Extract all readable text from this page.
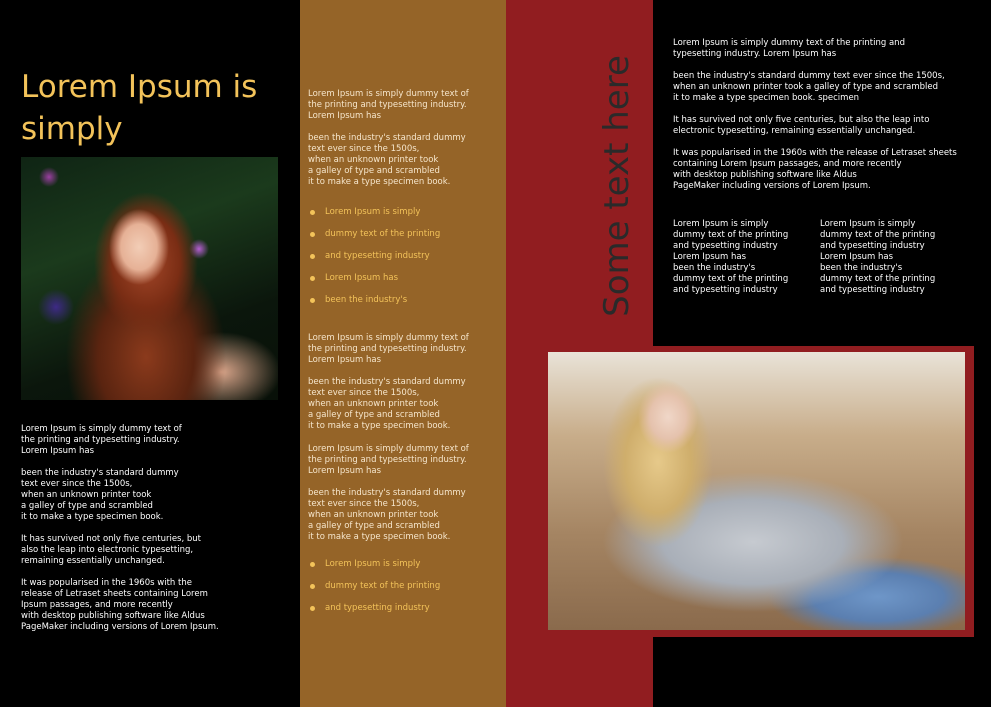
Lorem Ipsum is simply

Lorem Ipsum is simply dummy text of
the printing and typesetting industry.
Lorem Ipsum has

been the industry's standard dummy
text ever since the 1500s,
when an unknown printer took
a galley of type and scrambled
it to make a type specimen book.

It has survived not only five centuries, but
also the leap into electronic typesetting,
remaining essentially unchanged.

It was popularised in the 1960s with the
release of Letraset sheets containing Lorem
Ipsum passages, and more recently
with desktop publishing software like Aldus
PageMaker including versions of Lorem Ipsum.

Lorem Ipsum is simply dummy text of
the printing and typesetting industry.
Lorem Ipsum has

been the industry's standard dummy
text ever since the 1500s,
when an unknown printer took
a galley of type and scrambled
it to make a type specimen book.

Lorem Ipsum is simply
dummy text of the printing
and typesetting industry
Lorem Ipsum has
been the industry's

Lorem Ipsum is simply dummy text of
the printing and typesetting industry.
Lorem Ipsum has

been the industry's standard dummy
text ever since the 1500s,
when an unknown printer took
a galley of type and scrambled
it to make a type specimen book.

Lorem Ipsum is simply dummy text of
the printing and typesetting industry.
Lorem Ipsum has

been the industry's standard dummy
text ever since the 1500s,
when an unknown printer took
a galley of type and scrambled
it to make a type specimen book.

Lorem Ipsum is simply
dummy text of the printing
and typesetting industry
Some text here

Lorem Ipsum is simply dummy text of the printing and
typesetting industry. Lorem Ipsum has

been the industry's standard dummy text ever since the 1500s,
when an unknown printer took a galley of type and scrambled
it to make a type specimen book. specimen

It has survived not only five centuries, but also the leap into
electronic typesetting, remaining essentially unchanged.

It was popularised in the 1960s with the release of Letraset sheets
containing Lorem Ipsum passages, and more recently
with desktop publishing software like Aldus
PageMaker including versions of Lorem Ipsum.

Lorem Ipsum is simply
dummy text of the printing
and typesetting industry
Lorem Ipsum has
been the industry's
dummy text of the printing
and typesetting industry

Lorem Ipsum is simply
dummy text of the printing
and typesetting industry
Lorem Ipsum has
been the industry's
dummy text of the printing
and typesetting industry
